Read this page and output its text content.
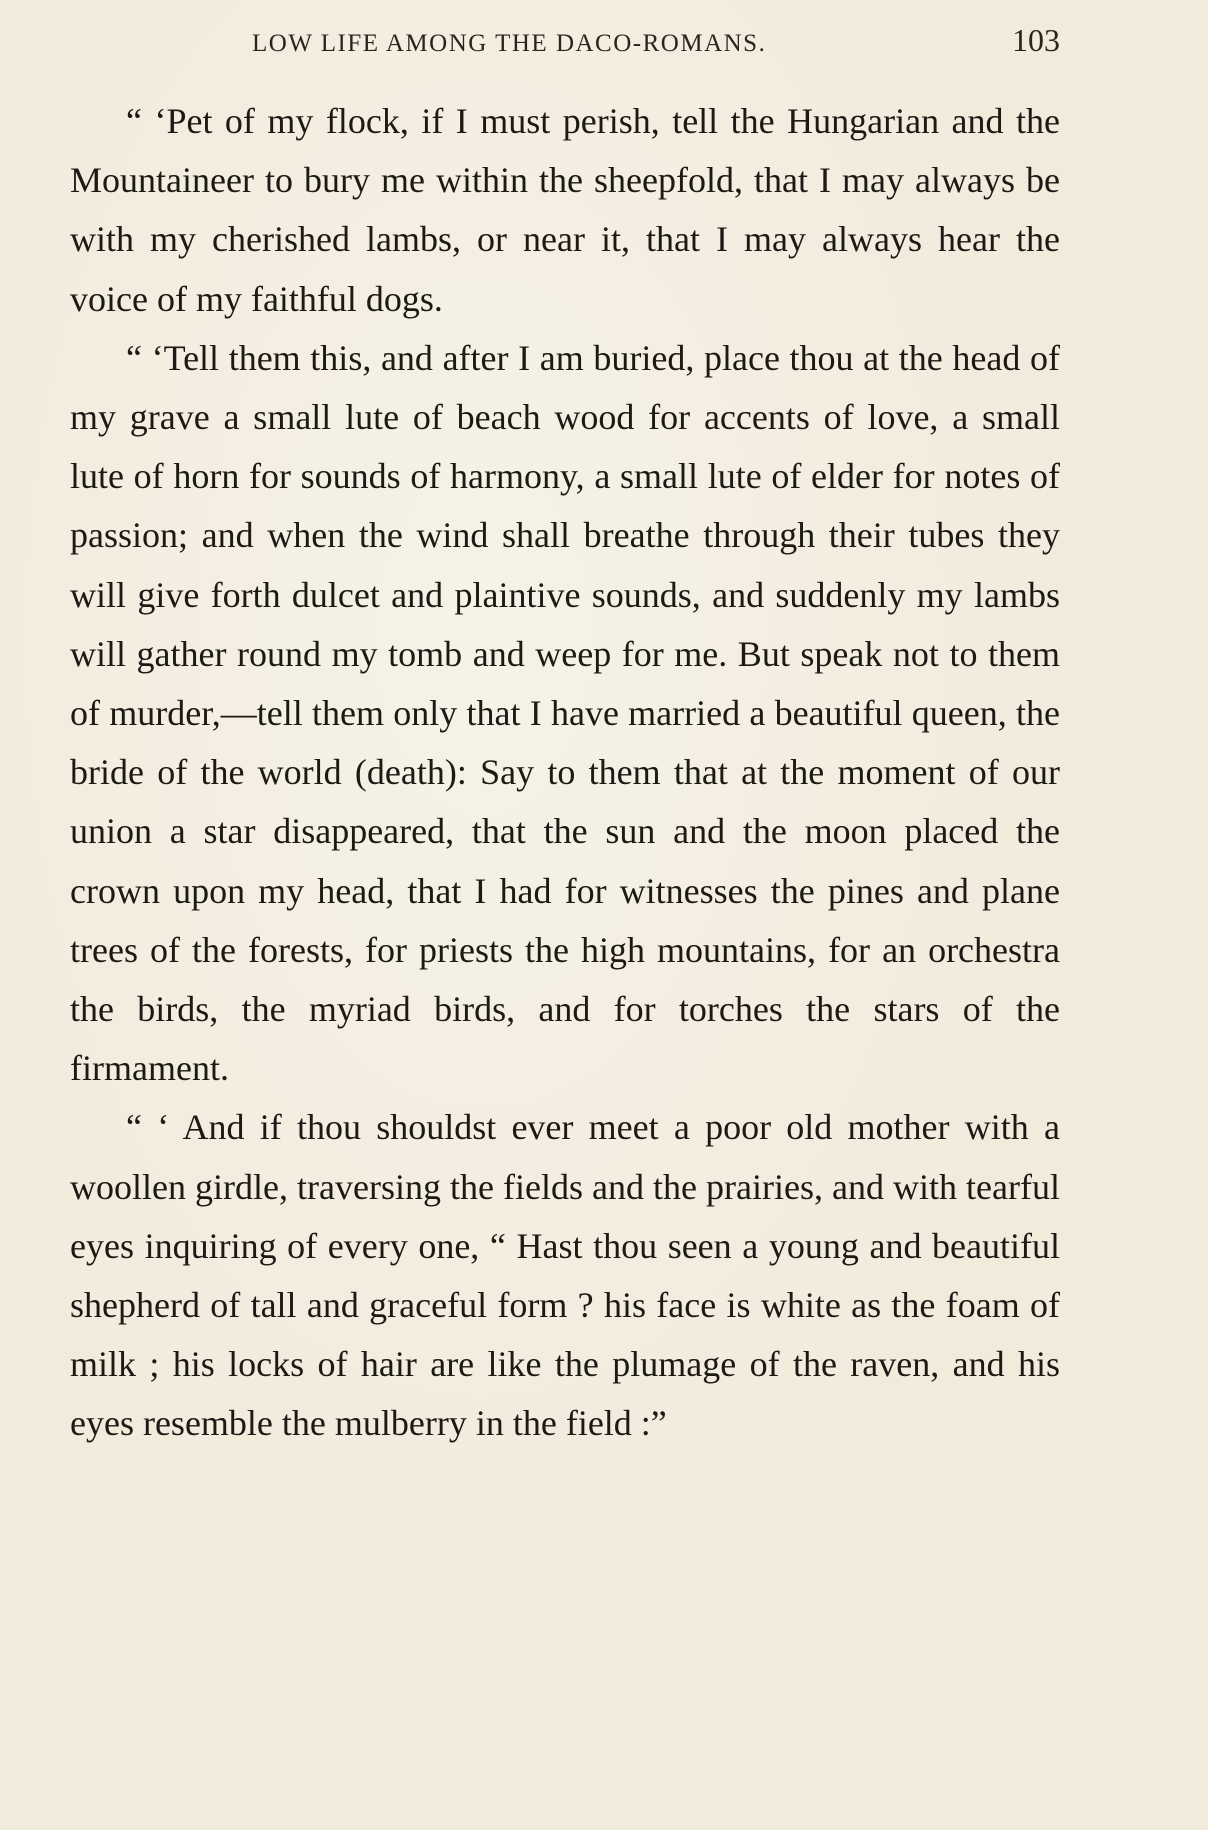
LOW LIFE AMONG THE DACO-ROMANS.	103

“ ‘Pet of my flock, if I must perish, tell the Hungarian and the Mountaineer to bury me within the sheepfold, that I may always be with my cherished lambs, or near it, that I may always hear the voice of my faithful dogs.

“ ‘Tell them this, and after I am buried, place thou at the head of my grave a small lute of beach wood for accents of love, a small lute of horn for sounds of harmony, a small lute of elder for notes of passion; and when the wind shall breathe through their tubes they will give forth dulcet and plaintive sounds, and suddenly my lambs will gather round my tomb and weep for me. But speak not to them of murder,—tell them only that I have married a beautiful queen, the bride of the world (death): Say to them that at the moment of our union a star disappeared, that the sun and the moon placed the crown upon my head, that I had for witnesses the pines and plane trees of the forests, for priests the high mountains, for an orchestra the birds, the myriad birds, and for torches the stars of the firmament.

“ ‘ And if thou shouldst ever meet a poor old mother with a woollen girdle, traversing the fields and the prairies, and with tearful eyes inquiring of every one, “ Hast thou seen a young and beautiful shepherd of tall and graceful form ? his face is white as the foam of milk ; his locks of hair are like the plumage of the raven, and his eyes resemble the mulberry in the field :”
